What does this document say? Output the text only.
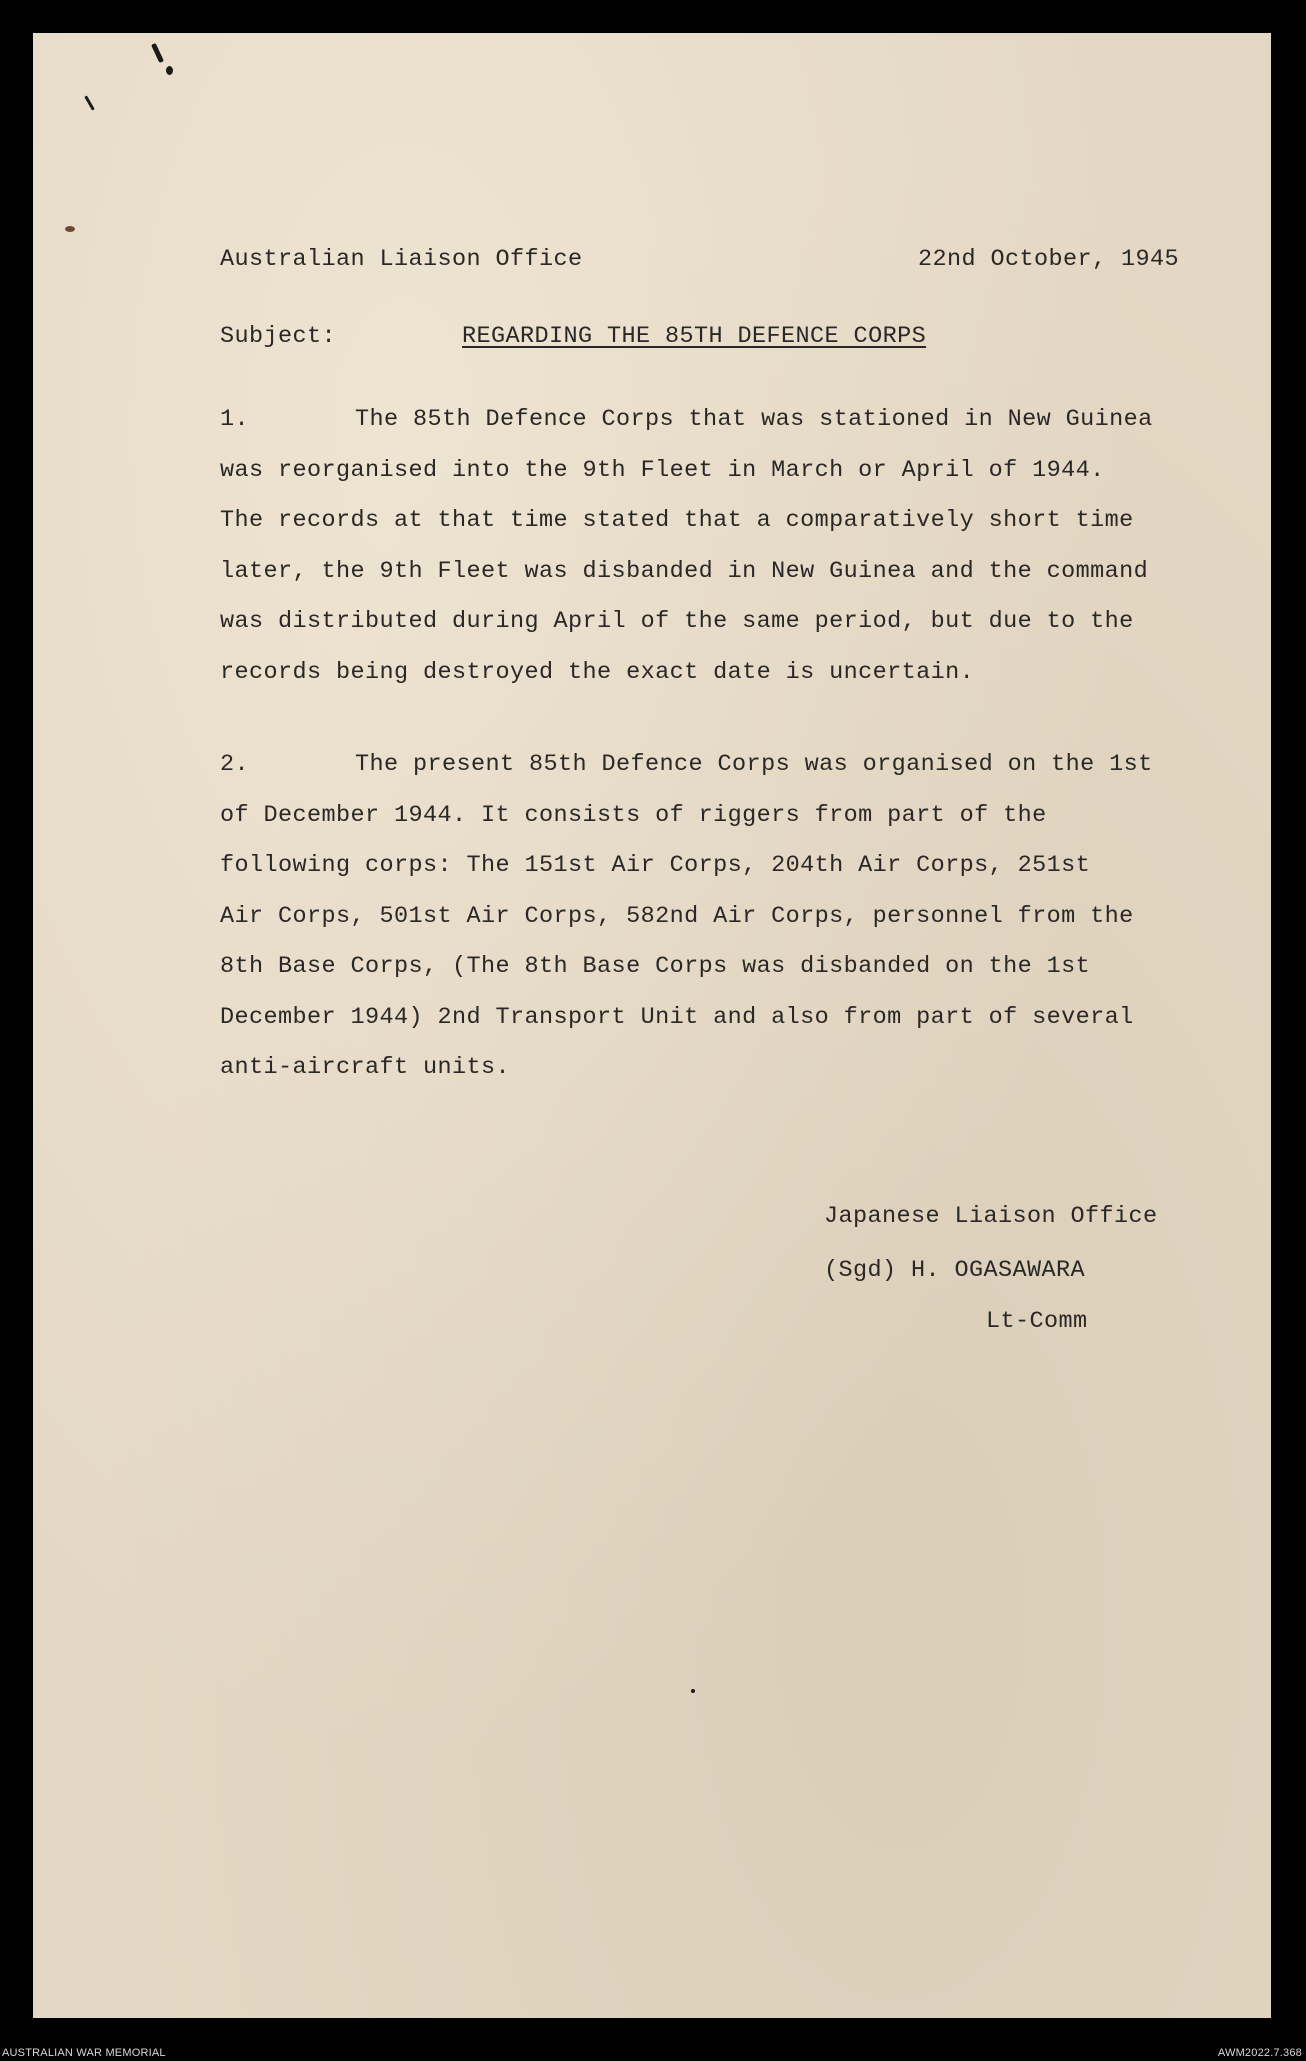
Australian Liaison Office	22nd October, 1945
Subject:	REGARDING THE 85TH DEFENCE CORPS
1.	The 85th Defence Corps that was stationed in New Guinea
was reorganised into the 9th Fleet in March or April of 1944.
The records at that time stated that a comparatively short time
later, the 9th Fleet was disbanded in New Guinea and the command
was distributed during April of the same period, but due to the
records being destroyed the exact date is uncertain.
2.	The present 85th Defence Corps was organised on the 1st
of December 1944. It consists of riggers from part of the
following corps: The 151st Air Corps, 204th Air Corps, 251st
Air Corps, 501st Air Corps, 582nd Air Corps, personnel from the
8th Base Corps, (The 8th Base Corps was disbanded on the 1st
December 1944) 2nd Transport Unit and also from part of several
anti-aircraft units.
Japanese Liaison Office
(Sgd) H. OGASAWARA
Lt-Comm
AUSTRALIAN WAR MEMORIAL	AWM2022.7.368
